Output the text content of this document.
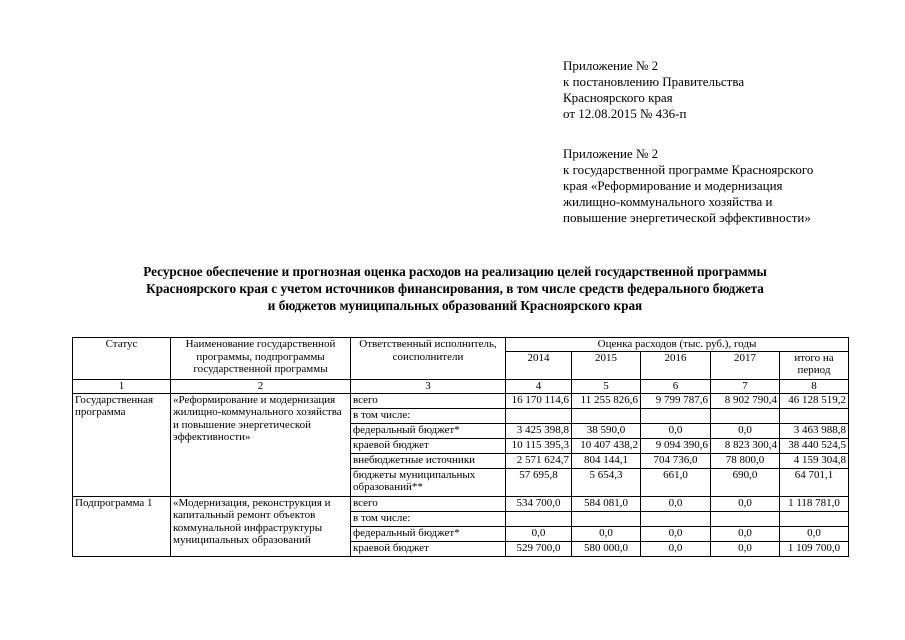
Приложение № 2
к постановлению Правительства
Красноярского края
от 12.08.2015 № 436-п
Приложение № 2
к государственной программе Красноярского
края «Реформирование и модернизация
жилищно-коммунального хозяйства и
повышение энергетической эффективности»
Ресурсное обеспечение и прогнозная оценка расходов на реализацию целей государственной программы
Красноярского края с учетом источников финансирования, в том числе средств федерального бюджета
и бюджетов муниципальных образований Красноярского края
Статус	Наименование государственной программы, подпрограммы государственной программы	Ответственный исполнитель, соисполнители	Оценка расходов (тыс. руб.), годы				
			2014	2015	2016	2017	итого на период
1	2	3	4	5	6	7	8
Государственная программа	«Реформирование и модернизация жилищно-коммунального хозяйства и повышение энергетической эффективности»	всего	16 170 114,6	11 255 826,6	9 799 787,6	8 902 790,4	46 128 519,2
		в том числе:					
		федеральный бюджет*	3 425 398,8	38 590,0	0,0	0,0	3 463 988,8
		краевой бюджет	10 115 395,3	10 407 438,2	9 094 390,6	8 823 300,4	38 440 524,5
		внебюджетные источники	2 571 624,7	804 144,1	704 736,0	78 800,0	4 159 304,8
		бюджеты муниципальных образований**	57 695,8	5 654,3	661,0	690,0	64 701,1
Подпрограмма 1	«Модернизация, реконструкция и капитальный ремонт объектов коммунальной инфраструктуры муниципальных образований	всего	534 700,0	584 081,0	0,0	0,0	1 118 781,0
		в том числе:					
		федеральный бюджет*	0,0	0,0	0,0	0,0	0,0
		краевой бюджет	529 700,0	580 000,0	0,0	0,0	1 109 700,0
